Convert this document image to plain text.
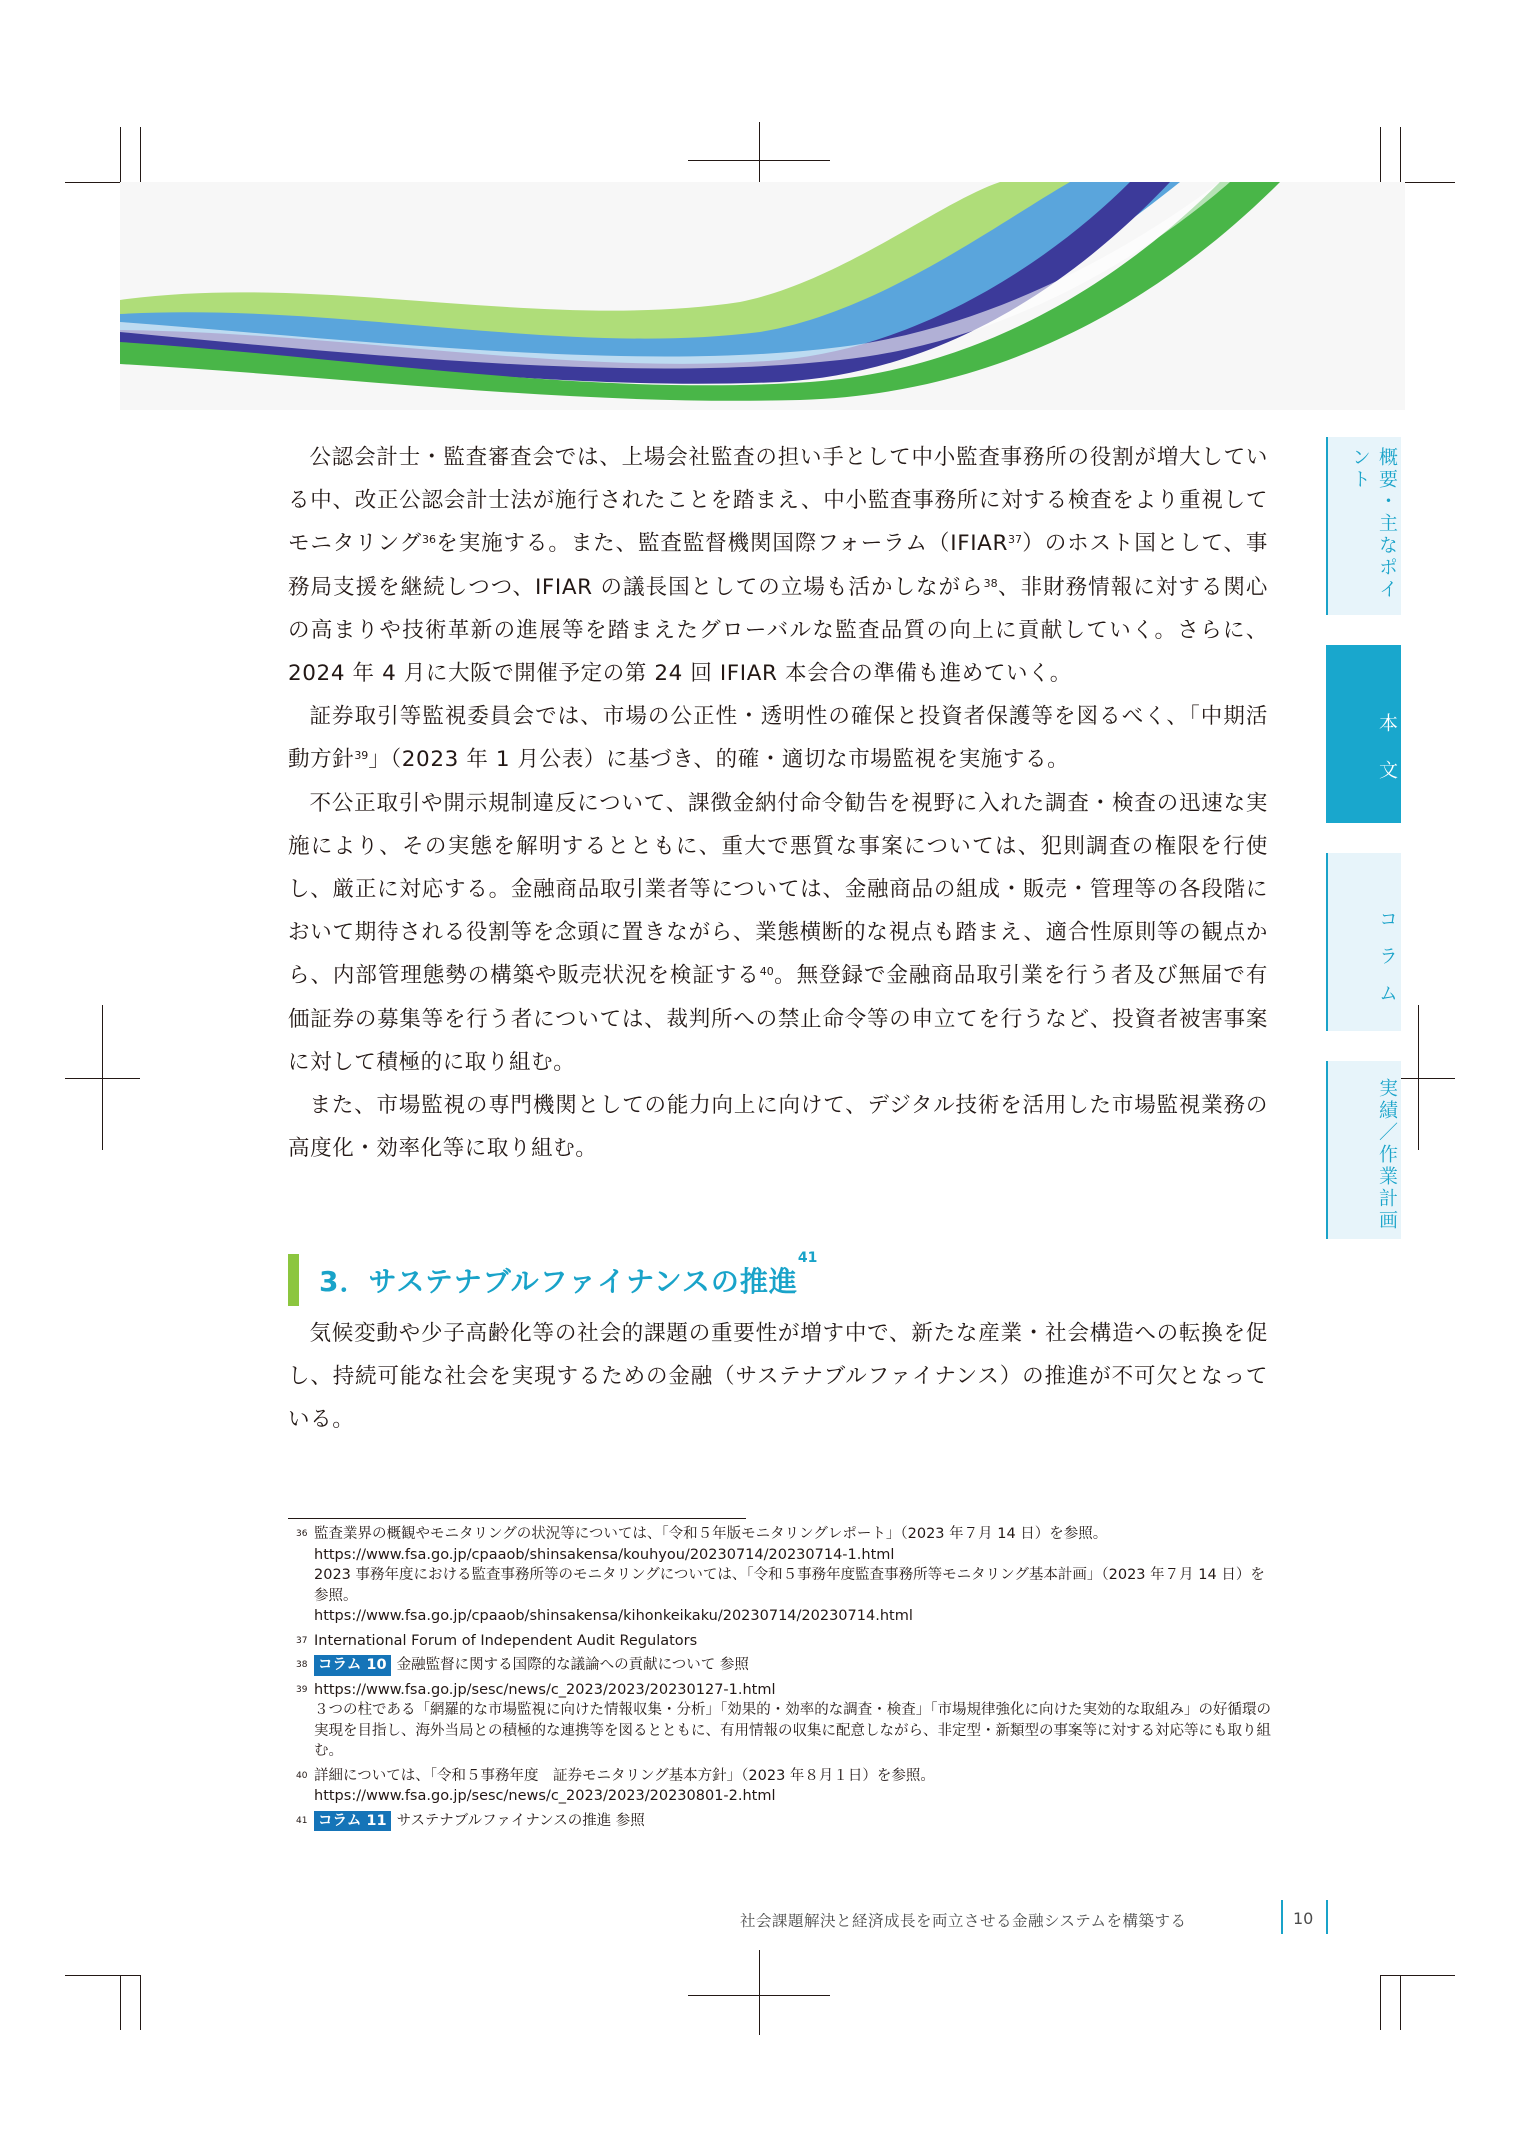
概要・主なポイント
本文
コラム
実績／作業計画

公認会計士・監査審査会では、上場会社監査の担い手として中小監査事務所の役割が増大している中、改正公認会計士法が施行されたことを踏まえ、中小監査事務所に対する検査をより重視してモニタリング$^{36}$を実施する。また、監査監督機関国際フォーラム（IFIAR$^{37}$）のホスト国として、事務局支援を継続しつつ、IFIAR の議長国としての立場も活かしながら$^{38}$、非財務情報に対する関心の高まりや技術革新の進展等を踏まえたグローバルな監査品質の向上に貢献していく。さらに、2024 年 4 月に大阪で開催予定の第 24 回 IFIAR 本会合の準備も進めていく。

証券取引等監視委員会では、市場の公正性・透明性の確保と投資者保護等を図るべく、「中期活動方針$^{39}$」（2023 年 1 月公表）に基づき、的確・適切な市場監視を実施する。

不公正取引や開示規制違反について、課徴金納付命令勧告を視野に入れた調査・検査の迅速な実施により、その実態を解明するとともに、重大で悪質な事案については、犯則調査の権限を行使し、厳正に対応する。金融商品取引業者等については、金融商品の組成・販売・管理等の各段階において期待される役割等を念頭に置きながら、業態横断的な視点も踏まえ、適合性原則等の観点から、内部管理態勢の構築や販売状況を検証する$^{40}$。無登録で金融商品取引業を行う者及び無届で有価証券の募集等を行う者については、裁判所への禁止命令等の申立てを行うなど、投資者被害事案に対して積極的に取り組む。

また、市場監視の専門機関としての能力向上に向けて、デジタル技術を活用した市場監視業務の高度化・効率化等に取り組む。

3．サステナブルファイナンスの推進$^{41}$

気候変動や少子高齢化等の社会的課題の重要性が増す中で、新たな産業・社会構造への転換を促し、持続可能な社会を実現するための金融（サステナブルファイナンス）の推進が不可欠となっている。

36 監査業界の概観やモニタリングの状況等については、「令和５年版モニタリングレポート」（2023 年７月 14 日）を参照。
https://www.fsa.go.jp/cpaaob/shinsakensa/kouhyou/20230714/20230714-1.html
2023 事務年度における監査事務所等のモニタリングについては、「令和５事務年度監査事務所等モニタリング基本計画」（2023 年７月 14 日）を参照。
https://www.fsa.go.jp/cpaaob/shinsakensa/kihonkeikaku/20230714/20230714.html
37 International Forum of Independent Audit Regulators
38 コラム 10 金融監督に関する国際的な議論への貢献について 参照
39 https://www.fsa.go.jp/sesc/news/c_2023/2023/20230127-1.html
３つの柱である「網羅的な市場監視に向けた情報収集・分析」「効果的・効率的な調査・検査」「市場規律強化に向けた実効的な取組み」の好循環の実現を目指し、海外当局との積極的な連携等を図るとともに、有用情報の収集に配意しながら、非定型・新類型の事案等に対する対応等にも取り組む。
40 詳細については、「令和５事務年度　証券モニタリング基本方針」（2023 年８月１日）を参照。
https://www.fsa.go.jp/sesc/news/c_2023/2023/20230801-2.html
41 コラム 11 サステナブルファイナンスの推進 参照
社会課題解決と経済成長を両立させる金融システムを構築する	10
